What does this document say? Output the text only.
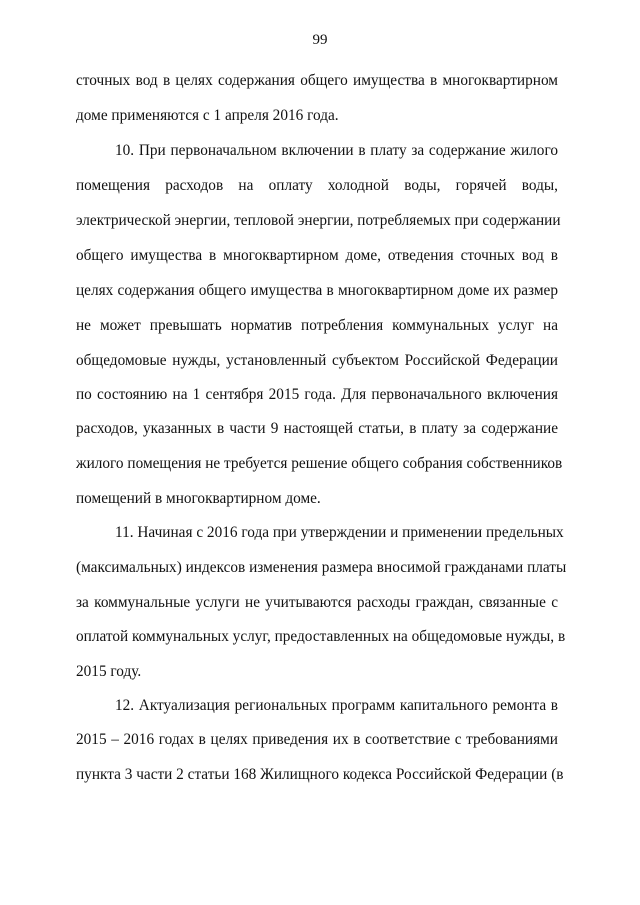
99
сточных вод в целях содержания общего имущества в многоквартирном
доме применяются с 1 апреля 2016 года.
10. При первоначальном включении в плату за содержание жилого
помещения расходов на оплату холодной воды, горячей воды,
электрической энергии, тепловой энергии, потребляемых при содержании
общего имущества в многоквартирном доме, отведения сточных вод в
целях содержания общего имущества в многоквартирном доме их размер
не может превышать норматив потребления коммунальных услуг на
общедомовые нужды, установленный субъектом Российской Федерации
по состоянию на 1 сентября 2015 года. Для первоначального включения
расходов, указанных в части 9 настоящей статьи, в плату за содержание
жилого помещения не требуется решение общего собрания собственников
помещений в многоквартирном доме.
11. Начиная с 2016 года при утверждении и применении предельных
(максимальных) индексов изменения размера вносимой гражданами платы
за коммунальные услуги не учитываются расходы граждан, связанные с
оплатой коммунальных услуг, предоставленных на общедомовые нужды, в
2015 году.
12. Актуализация региональных программ капитального ремонта в
2015 – 2016 годах в целях приведения их в соответствие с требованиями
пункта 3 части 2 статьи 168 Жилищного кодекса Российской Федерации (в
